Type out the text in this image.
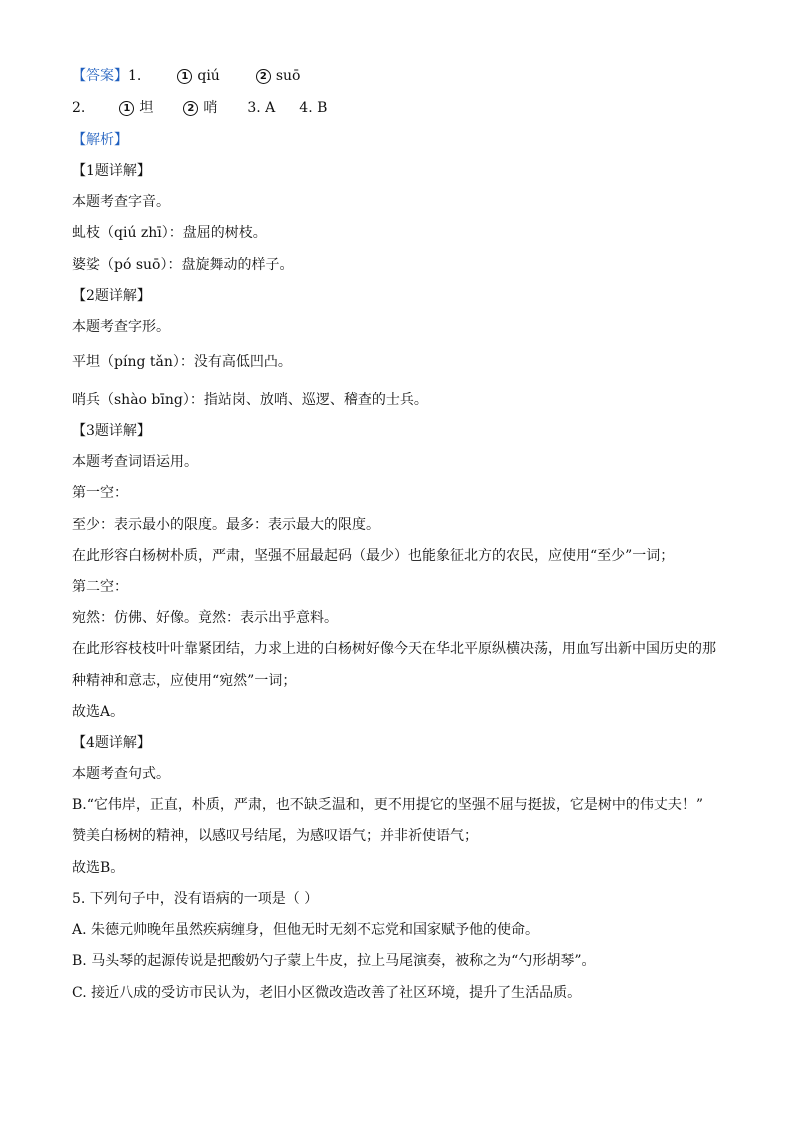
【答案】1.	1 qiú	2 suō
2.	1 坦	2 哨 3. A 4. B
【解析】
【1题详解】
本题考查字音。
虬枝（qiú zhī）：盘屈的树枝。
婆娑（pó suō）：盘旋舞动的样子。
【2题详解】
本题考查字形。
平坦（píng tǎn）：没有高低凹凸。
哨兵（shào bīng）：指站岗、放哨、巡逻、稽查的士兵。
【3题详解】
本题考查词语运用。
第一空：
至少：表示最小的限度。最多：表示最大的限度。
在此形容白杨树朴质，严肃，坚强不屈最起码（最少）也能象征北方的农民，应使用“至少”一词；
第二空：
宛然：仿佛、好像。竟然：表示出乎意料。
在此形容枝枝叶叶靠紧团结，力求上进的白杨树好像今天在华北平原纵横决荡，用血写出新中国历史的那
种精神和意志，应使用“宛然”一词；
故选A。
【4题详解】
本题考查句式。
B.“它伟岸，正直，朴质，严肃，也不缺乏温和，更不用提它的坚强不屈与挺拔，它是树中的伟丈夫！”
赞美白杨树的精神，以感叹号结尾，为感叹语气；并非祈使语气；
故选B。
5. 下列句子中，没有语病的一项是（ ）
A. 朱德元帅晚年虽然疾病缠身，但他无时无刻不忘党和国家赋予他的使命。
B. 马头琴的起源传说是把酸奶勺子蒙上牛皮，拉上马尾演奏，被称之为“勺形胡琴”。
C. 接近八成的受访市民认为，老旧小区微改造改善了社区环境，提升了生活品质。
